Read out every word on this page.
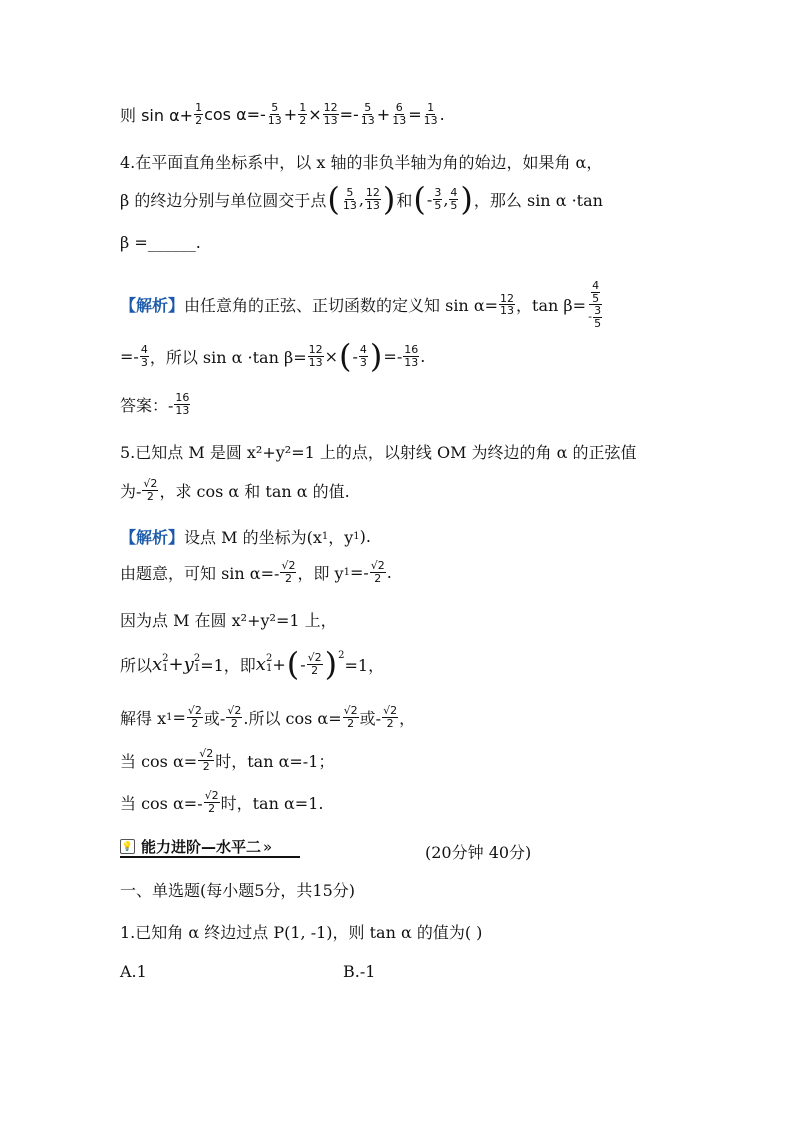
则 $\sin \alpha+ \frac{1}{2}$ $\cos \alpha=- \frac{5}{13} + \frac{1}{2} \times \frac{12}{13} =- \frac{5}{13} + \frac{6}{13} = \frac{1}{13}$ .
4.在平面直角坐标系中，以 x 轴的非负半轴为角的始边，如果角 α，
β 的终边分别与单位圆交于点 ( $\frac{5}{13}$ , $\frac{12}{13}$ ) 和 ( - $\frac{3}{5}$ , $\frac{4}{5}$ ) ，那么 sin α ·tan
β =______.
【解析】 由任意角的正弦、正切函数的定义知 $\sin \alpha= \frac{12}{13}$ ，$\tan \beta= \frac{\frac{4}{5}}{- \frac{3}{5}}$
=- $\frac{4}{3}$ ，所以 sin α ·tan $\beta= \frac{12}{13}$ × ( - $\frac{4}{3}$ ) =- $\frac{16}{13}$ .
答案：- $\frac{16}{13}$
5.已知点 M 是圆 x²+y²=1 上的点，以射线 OM 为终边的角 α 的正弦值
为- $\frac{√2}{2}$ ，求 cos α 和 tan α 的值.
【解析】 设点 M 的坐标为(x 1 ，y 1 ).
由题意，可知 $\sin \alpha=- \frac{√2}{2}$ ，即 y $1 =- \frac{√2}{2}$ .
因为点 M 在圆 x²+y²=1 上，
所以 x 2
1 +y 2
1 =1，即 x 2
1 + ( - $\frac{√2}{2} )^2 =1$，
解得 x $1 = \frac{√2}{2}$ 或- $\frac{√2}{2}$ .所以 $\cos \alpha= \frac{√2}{2}$ 或- $\frac{√2}{2}$ ，
当 $\cos \alpha= \frac{√2}{2}$ 时，tan α=-1；
当 $\cos \alpha=- \frac{√2}{2}$ 时，tan α=1.
💡 能力进阶—水平二 »	(20分钟 40分)
一、单选题(每小题5分，共15分)
1.已知角 α 终边过点 P(1, -1)，则 tan α 的值为( )
A.1	B.-1
